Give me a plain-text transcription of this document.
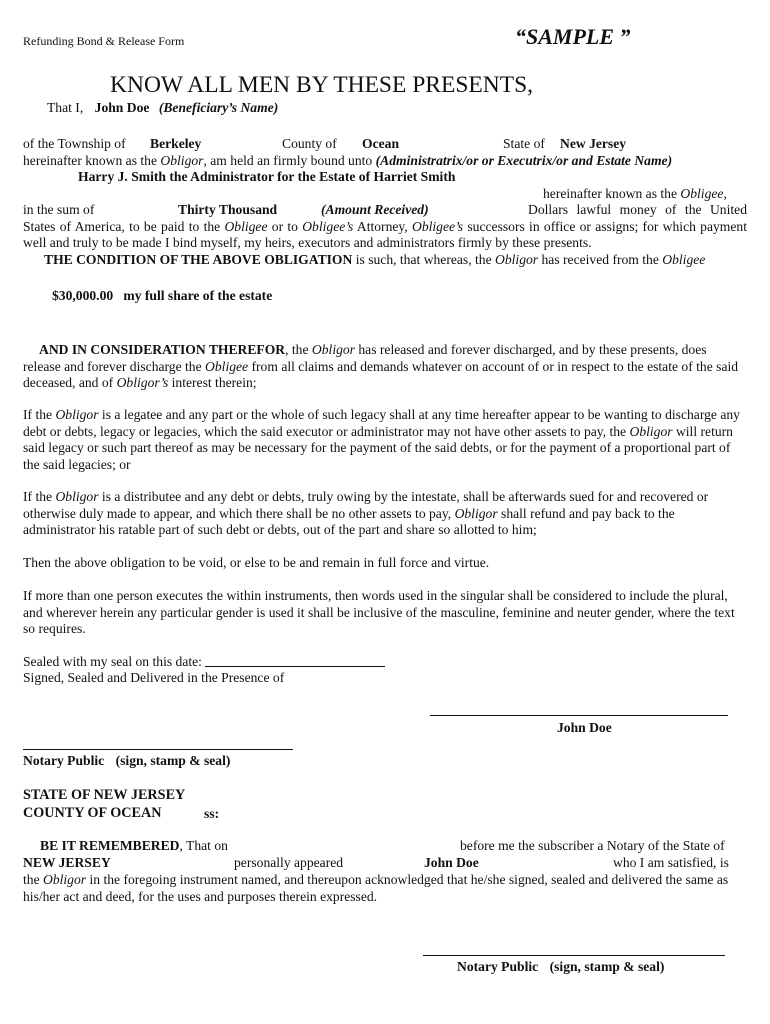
Refunding Bond & Release Form	“SAMPLE ”
KNOW ALL MEN BY THESE PRESENTS,
That I, John Doe (Beneficiary’s Name)
of the Township of Berkeley	County of Ocean	State of New Jersey
hereinafter known as the Obligor, am held an firmly bound unto (Administratrix/or or Executrix/or and Estate Name)
Harry J. Smith the Administrator for the Estate of Harriet Smith
hereinafter known as the Obligee,
in the sum of	Thirty Thousand	(Amount Received)	Dollars lawful money of the United States of America, to be paid to the Obligee or to Obligee’s Attorney, Obligee’s successors in office or assigns; for which payment well and truly to be made I bind myself, my heirs, executors and administrators firmly by these presents.
THE CONDITION OF THE ABOVE OBLIGATION is such, that whereas, the Obligor has received from the Obligee
$30,000.00   my full share of the estate
AND IN CONSIDERATION THEREFOR, the Obligor has released and forever discharged, and by these presents, does release and forever discharge the Obligee from all claims and demands whatever on account of or in respect to the estate of the said deceased, and of Obligor’s interest therein;
If the Obligor is a legatee and any part or the whole of such legacy shall at any time hereafter appear to be wanting to discharge any debt or debts, legacy or legacies, which the said executor or administrator may not have other assets to pay, the Obligor will return said legacy or such part thereof as may be necessary for the payment of the said debts, or for the payment of a proportional part of the said legacies; or
If the Obligor is a distributee and any debt or debts, truly owing by the intestate, shall be afterwards sued for and recovered or otherwise duly made to appear, and which there shall be no other assets to pay, Obligor shall refund and pay back to the administrator his ratable part of such debt or debts, out of the part and share so allotted to him;
Then the above obligation to be void, or else to be and remain in full force and virtue.
If more than one person executes the within instruments, then words used in the singular shall be considered to include the plural, and wherever herein any particular gender is used it shall be inclusive of the masculine, feminine and neuter gender, where the text so requires.
Sealed with my seal on this date:
Signed, Sealed and Delivered in the Presence of
John Doe
Notary Public (sign, stamp & seal)
STATE OF NEW JERSEY
COUNTY OF OCEAN	ss:
BE IT REMEMBERED, That on	before me the subscriber a Notary of the State of
NEW JERSEY	personally appeared	John Doe	who I am satisfied, is
the Obligor in the foregoing instrument named, and thereupon acknowledged that he/she signed, sealed and delivered the same as his/her act and deed, for the uses and purposes therein expressed.
Notary Public (sign, stamp & seal)
